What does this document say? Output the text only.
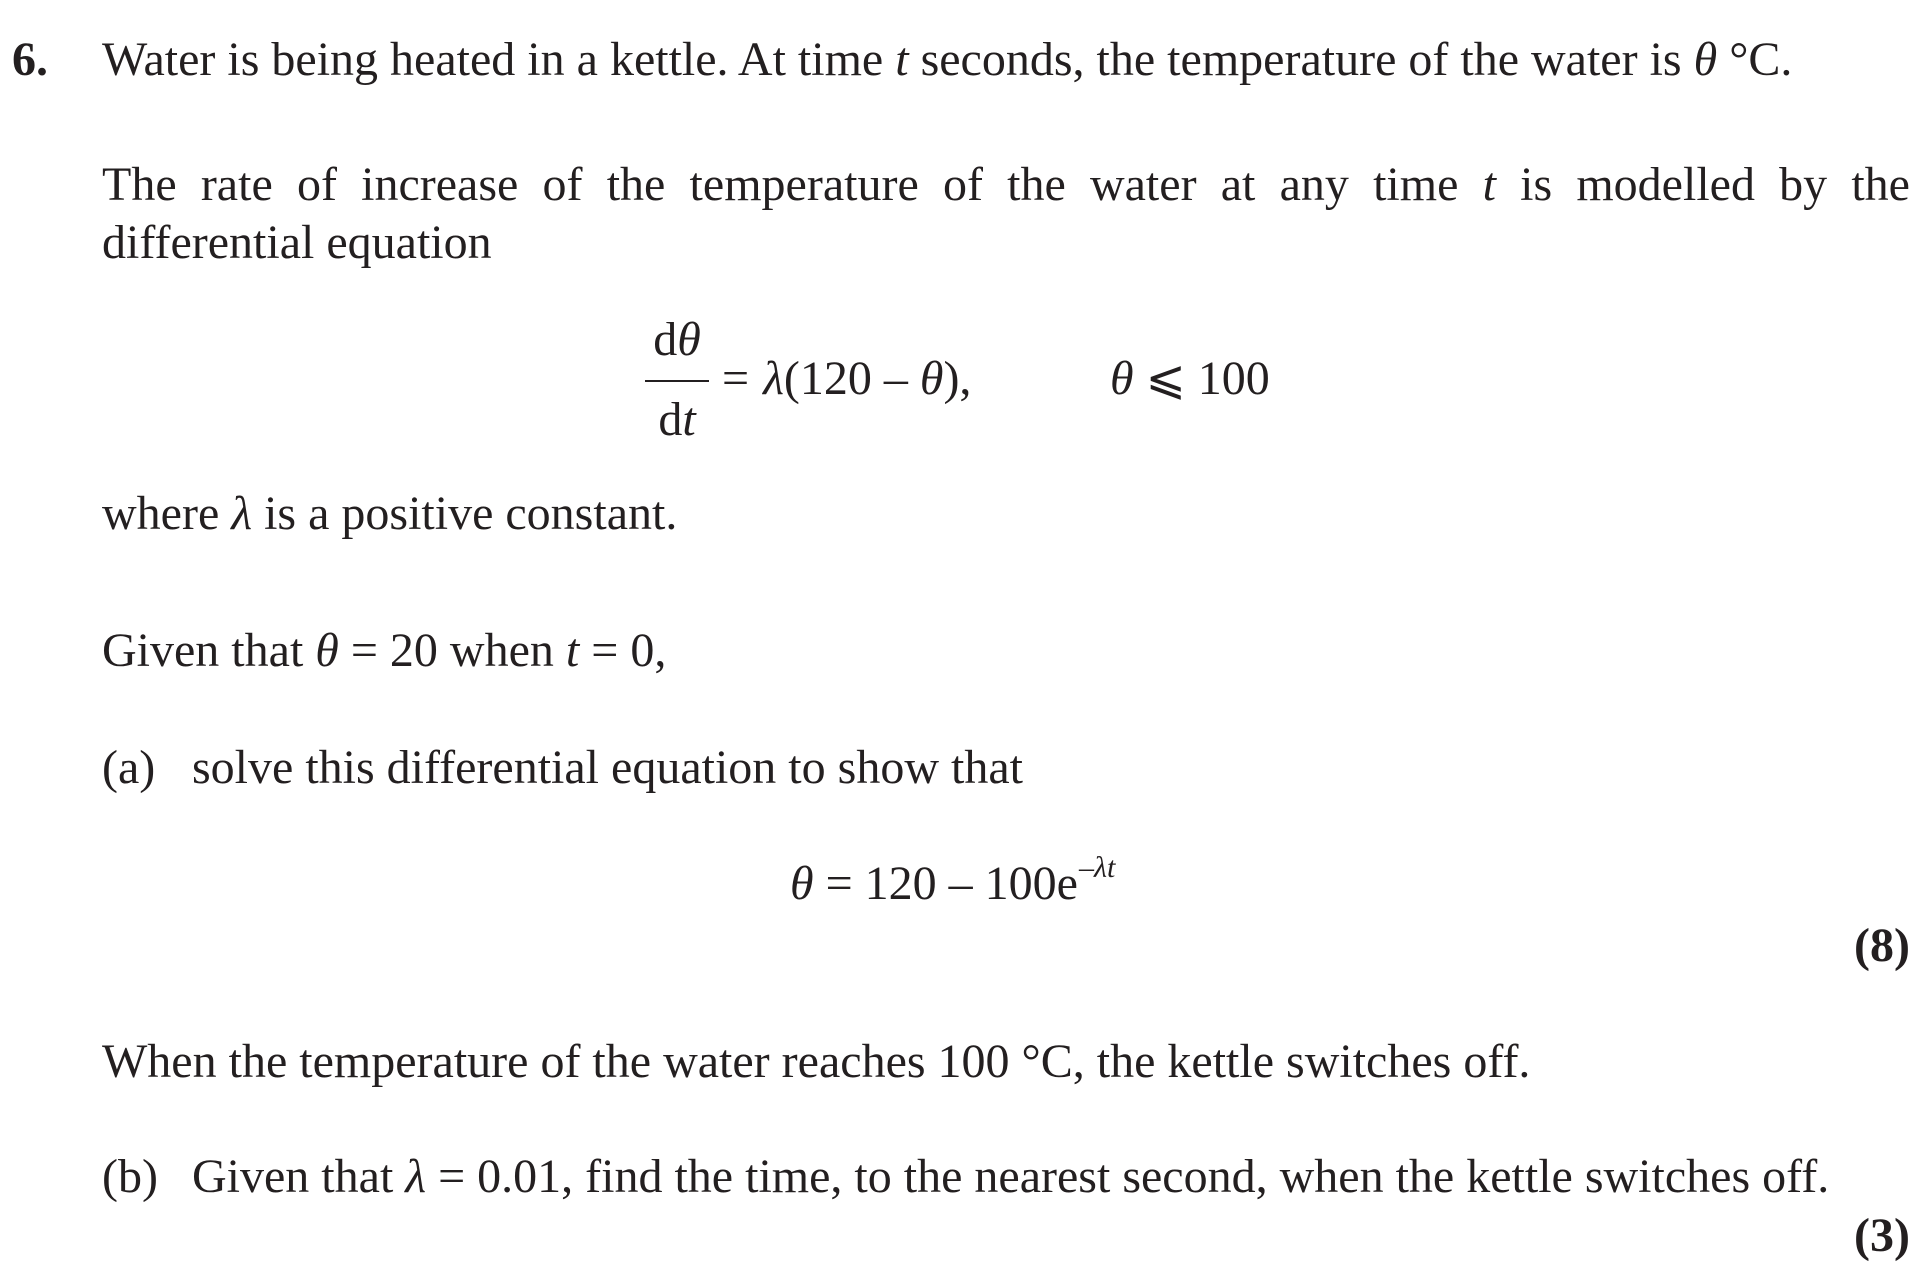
6. Water is being heated in a kettle. At time t seconds, the temperature of the water is θ °C.
The rate of increase of the temperature of the water at any time t is modelled by the
differential equation
dθ
dt
= λ(120 – θ),	θ ⩽ 100
where λ is a positive constant.
Given that θ = 20 when t = 0,
(a) solve this differential equation to show that
$\theta = 120 - 100e^{-\lambda t}$
(8)
When the temperature of the water reaches 100 °C, the kettle switches off.
(b) Given that λ = 0.01, find the time, to the nearest second, when the kettle switches off.
(3)
